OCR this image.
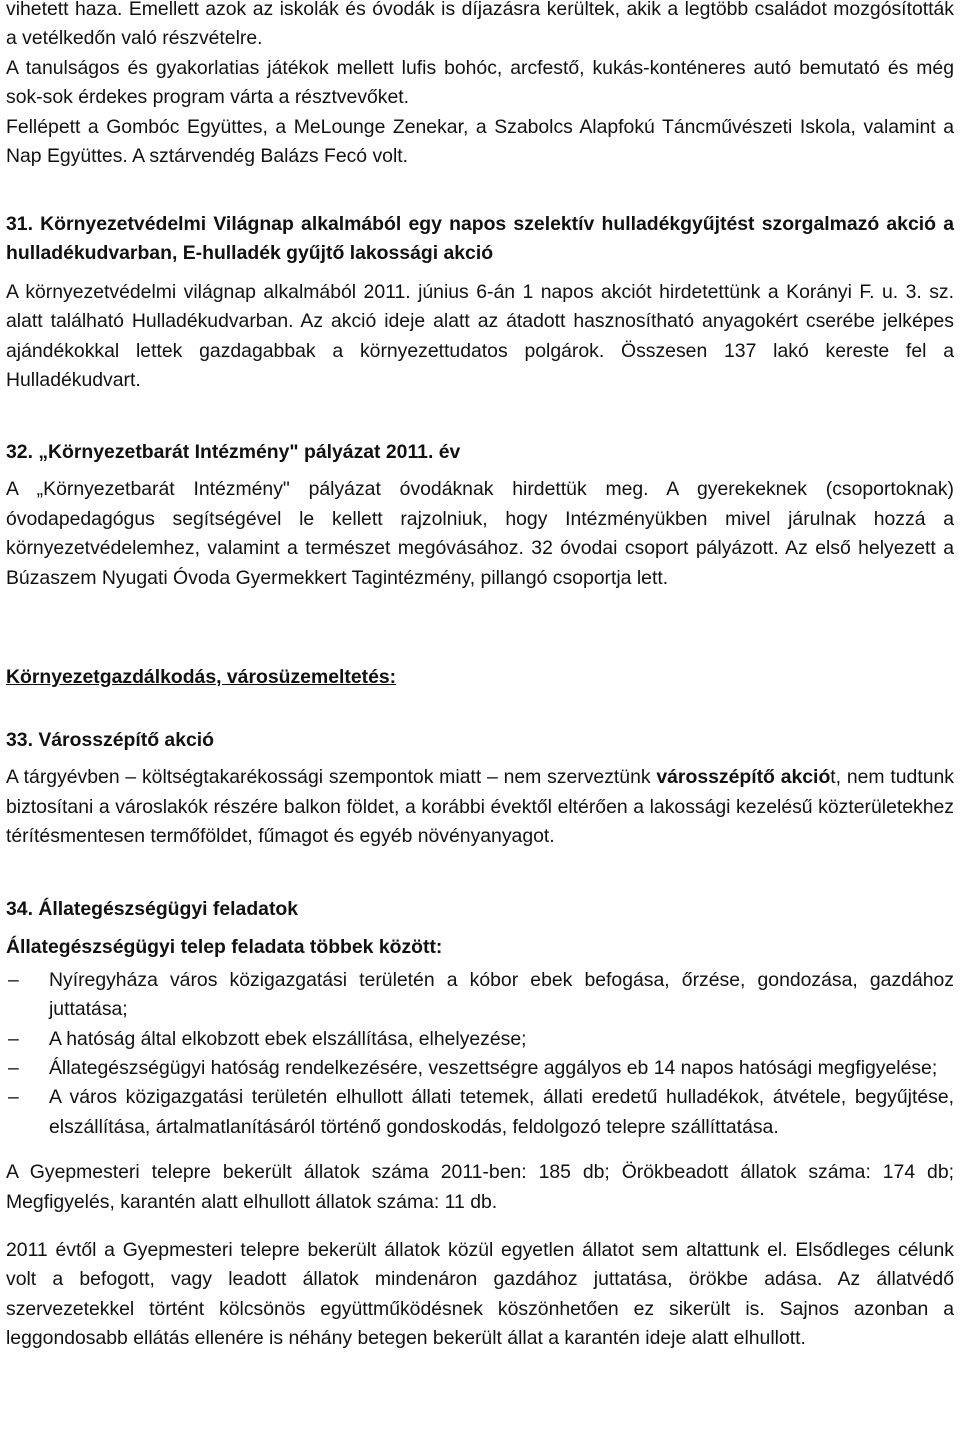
vihetett haza. Emellett azok az iskolák és óvodák is díjazásra kerültek, akik a legtöbb családot mozgósították a vetélkedőn való részvételre.

A tanulságos és gyakorlatias játékok mellett lufis bohóc, arcfestő, kukás-konténeres autó bemutató és még sok-sok érdekes program várta a résztvevőket.

Fellépett a Gombóc Együttes, a MeLounge Zenekar, a Szabolcs Alapfokú Táncművészeti Iskola, valamint a Nap Együttes. A sztárvendég Balázs Fecó volt.

31. Környezetvédelmi Világnap alkalmából egy napos szelektív hulladékgyűjtést szorgalmazó akció a hulladékudvarban, E-hulladék gyűjtő lakossági akció

A környezetvédelmi világnap alkalmából 2011. június 6-án 1 napos akciót hirdetettünk a Korányi F. u. 3. sz. alatt található Hulladékudvarban. Az akció ideje alatt az átadott hasznosítható anyagokért cserébe jelképes ajándékokkal lettek gazdagabbak a környezettudatos polgárok. Összesen 137 lakó kereste fel a Hulladékudvart.

32. „Környezetbarát Intézmény" pályázat 2011. év

A „Környezetbarát Intézmény" pályázat óvodáknak hirdettük meg. A gyerekeknek (csoportoknak) óvodapedagógus segítségével le kellett rajzolniuk, hogy Intézményükben mivel járulnak hozzá a környezetvédelemhez, valamint a természet megóvásához. 32 óvodai csoport pályázott. Az első helyezett a Búzaszem Nyugati Óvoda Gyermekkert Tagintézmény, pillangó csoportja lett.

Környezetgazdálkodás, városüzemeltetés:

33. Városszépítő akció

A tárgyévben – költségtakarékossági szempontok miatt – nem szerveztünk városszépítő akciót, nem tudtunk biztosítani a városlakók részére balkon földet, a korábbi évektől eltérően a lakossági kezelésű közterületekhez térítésmentesen termőföldet, fűmagot és egyéb növényanyagot.

34. Állategészségügyi feladatok

Állategészségügyi telep feladata többek között:

– Nyíregyháza város közigazgatási területén a kóbor ebek befogása, őrzése, gondozása, gazdához juttatása;
– A hatóság által elkobzott ebek elszállítása, elhelyezése;
– Állategészségügyi hatóság rendelkezésére, veszettségre aggályos eb 14 napos hatósági megfigyelése;
– A város közigazgatási területén elhullott állati tetemek, állati eredetű hulladékok, átvétele, begyűjtése, elszállítása, ártalmatlanításáról történő gondoskodás, feldolgozó telepre szállíttatása.

A Gyepmesteri telepre bekerült állatok száma 2011-ben: 185 db; Örökbeadott állatok száma: 174 db; Megfigyelés, karantén alatt elhullott állatok száma: 11 db.

2011 évtől a Gyepmesteri telepre bekerült állatok közül egyetlen állatot sem altattunk el. Elsődleges célunk volt a befogott, vagy leadott állatok mindenáron gazdához juttatása, örökbe adása. Az állatvédő szervezetekkel történt kölcsönös együttműködésnek köszönhetően ez sikerült is. Sajnos azonban a leggondosabb ellátás ellenére is néhány betegen bekerült állat a karantén ideje alatt elhullott.
